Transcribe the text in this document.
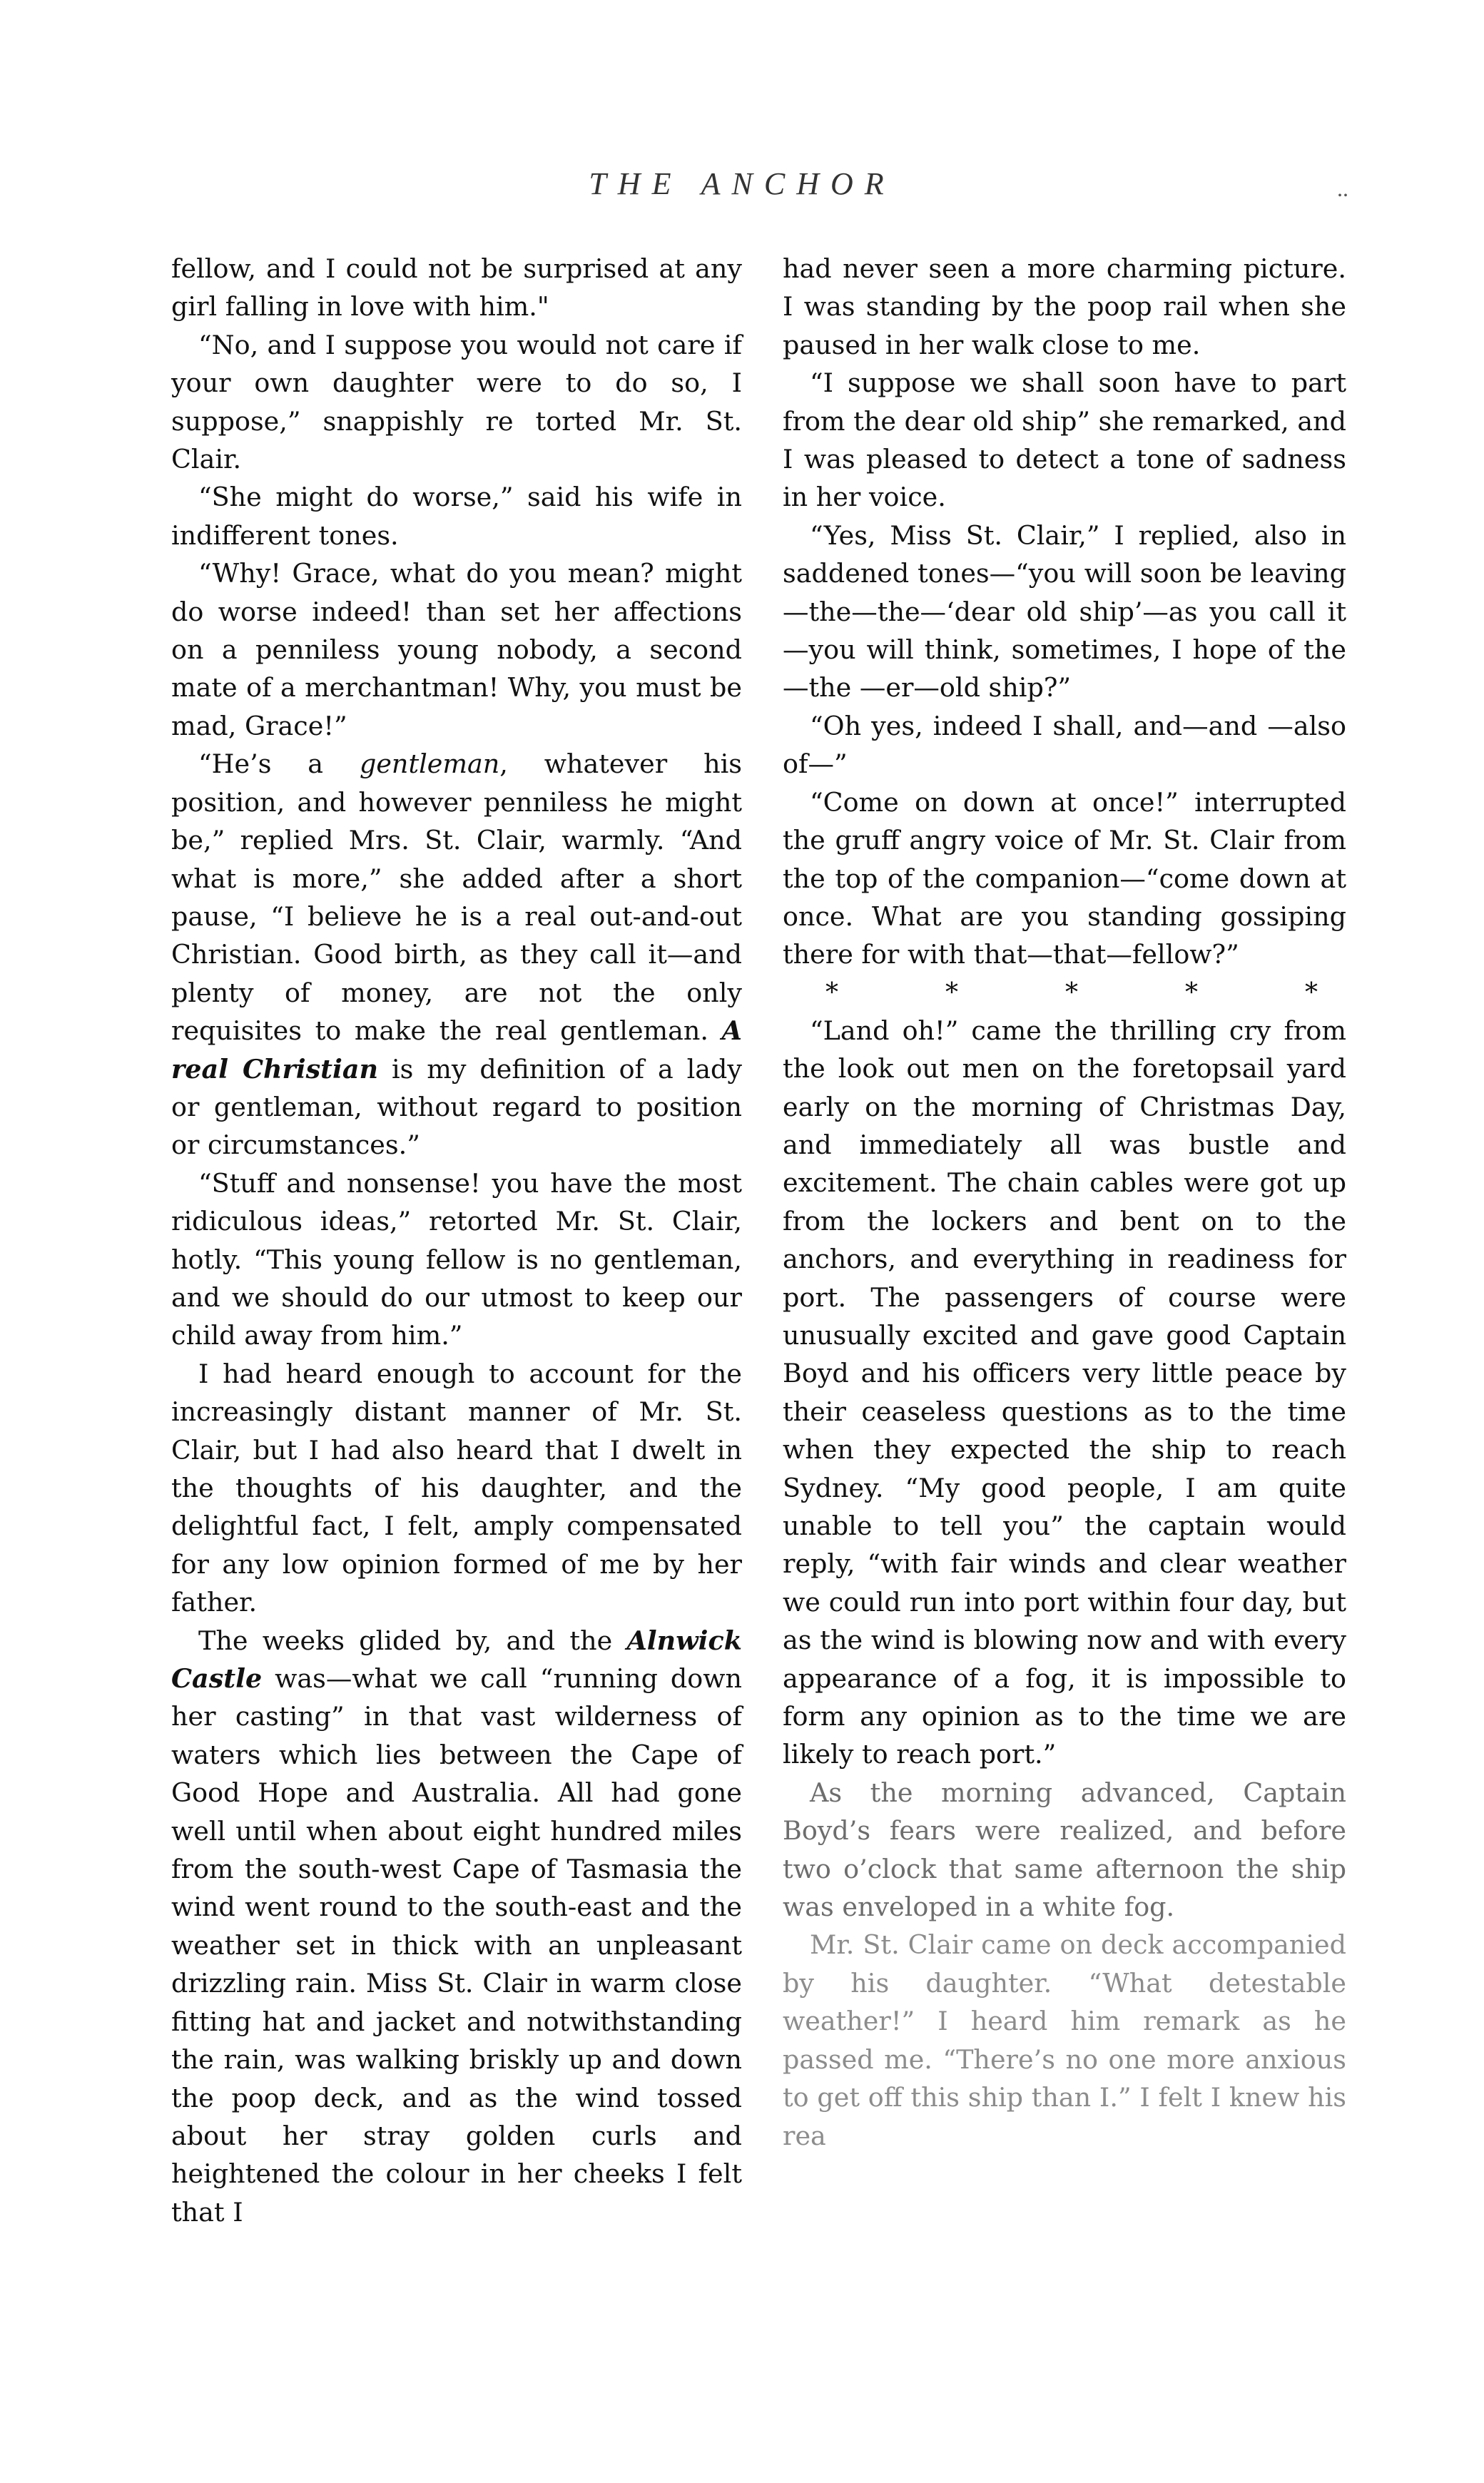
THE ANCHOR	..

fellow, and I could not be surprised at any girl falling in love with him."

“No, and I suppose you would not care if your own daughter were to do so, I suppose,” snappishly re torted Mr. St. Clair.

“She might do worse,” said his wife in indifferent tones.

“Why! Grace, what do you mean? might do worse indeed! than set her affections on a penniless young nobody, a second mate of a merchantman! Why, you must be mad, Grace!”

“He’s a gentleman, whatever his position, and however penniless he might be,” replied Mrs. St. Clair, warmly. “And what is more,” she added after a short pause, “I believe he is a real out-and-out Christian. Good birth, as they call it—and plenty of money, are not the only requisites to make the real gentleman. A real Christian is my definition of a lady or gentleman, without regard to position or circumstances.”

“Stuff and nonsense! you have the most ridiculous ideas,” retorted Mr. St. Clair, hotly. “This young fellow is no gentleman, and we should do our utmost to keep our child away from him.”

I had heard enough to account for the increasingly distant manner of Mr. St. Clair, but I had also heard that I dwelt in the thoughts of his daughter, and the delightful fact, I felt, amply compensated for any low opinion formed of me by her father.

The weeks glided by, and the Alnwick Castle was—what we call “running down her casting” in that vast wilderness of waters which lies between the Cape of Good Hope and Australia. All had gone well until when about eight hundred miles from the south-west Cape of Tasmasia the wind went round to the south-east and the weather set in thick with an unpleasant drizzling rain. Miss St. Clair in warm close fitting hat and jacket and notwithstanding the rain, was walking briskly up and down the poop deck, and as the wind tossed about her stray golden curls and heightened the colour in her cheeks I felt that I

had never seen a more charming picture. I was standing by the poop rail when she paused in her walk close to me.

“I suppose we shall soon have to part from the dear old ship” she remarked, and I was pleased to detect a tone of sadness in her voice.

“Yes, Miss St. Clair,” I replied, also in saddened tones—“you will soon be leaving—the—the—‘dear old ship’—as you call it—you will think, sometimes, I hope of the—the —er—old ship?”

“Oh yes, indeed I shall, and—and —also of—”

“Come on down at once!” interrupted the gruff angry voice of Mr. St. Clair from the top of the companion—“come down at once. What are you standing gossiping there for with that—that—fellow?”

*	*	*	*	*

“Land oh!” came the thrilling cry from the look out men on the foretopsail yard early on the morning of Christmas Day, and immediately all was bustle and excitement. The chain cables were got up from the lockers and bent on to the anchors, and everything in readiness for port. The passengers of course were unusually excited and gave good Captain Boyd and his officers very little peace by their ceaseless questions as to the time when they expected the ship to reach Sydney. “My good people, I am quite unable to tell you” the captain would reply, “with fair winds and clear weather we could run into port within four day, but as the wind is blowing now and with every appearance of a fog, it is impossible to form any opinion as to the time we are likely to reach port.”

As the morning advanced, Captain Boyd’s fears were realized, and before two o’clock that same afternoon the ship was enveloped in a white fog.

Mr. St. Clair came on deck accompanied by his daughter. “What detestable weather!” I heard him remark as he passed me. “There’s no one more anxious to get off this ship than I.” I felt I knew his rea
